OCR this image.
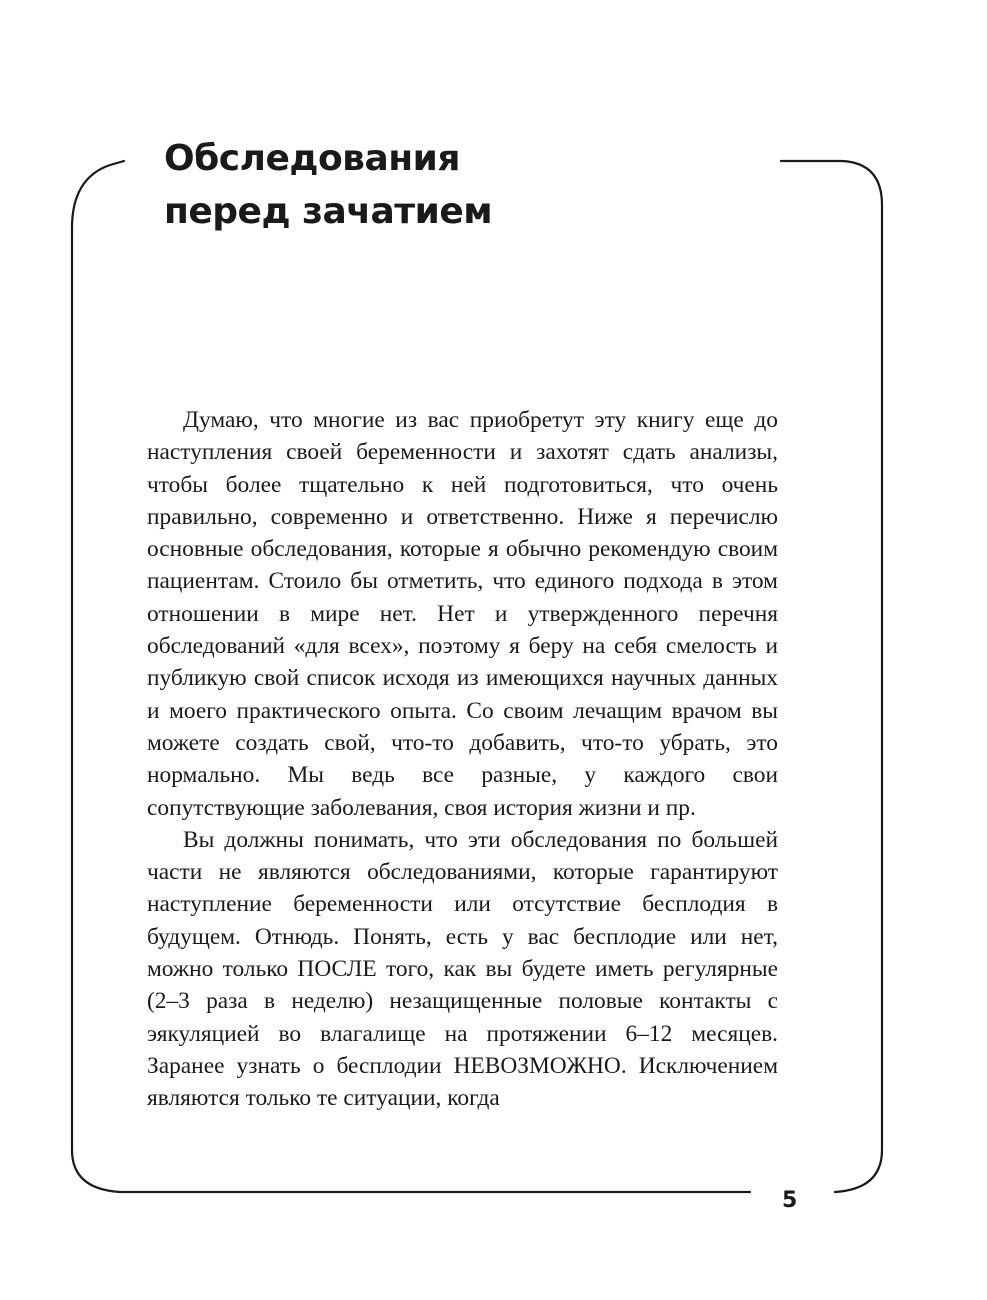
Обследования
перед зачатием

Думаю, что многие из вас приобретут эту книгу еще до наступления своей беременности и захотят сдать анализы, чтобы более тщательно к ней подготовиться, что очень правильно, современно и ответственно. Ниже я перечислю основные обследования, которые я обычно рекомендую своим пациентам. Стоило бы отметить, что единого подхода в этом отношении в мире нет. Нет и утвержденного перечня обследований «для всех», поэтому я беру на себя смелость и публикую свой список исходя из имеющихся научных данных и моего практического опыта. Со своим лечащим врачом вы можете создать свой, что-то добавить, что-то убрать, это нормально. Мы ведь все разные, у каждого свои сопутствующие заболевания, своя история жизни и пр.

Вы должны понимать, что эти обследования по большей части не являются обследованиями, которые гарантируют наступление беременности или отсутствие бесплодия в будущем. Отнюдь. Понять, есть у вас бесплодие или нет, можно только ПОСЛЕ того, как вы будете иметь регулярные (2–3 раза в неделю) незащищенные половые контакты с эякуляцией во влагалище на протяжении 6–12 месяцев. Заранее узнать о бесплодии НЕВОЗМОЖНО. Исключением являются только те ситуации, когда

5
